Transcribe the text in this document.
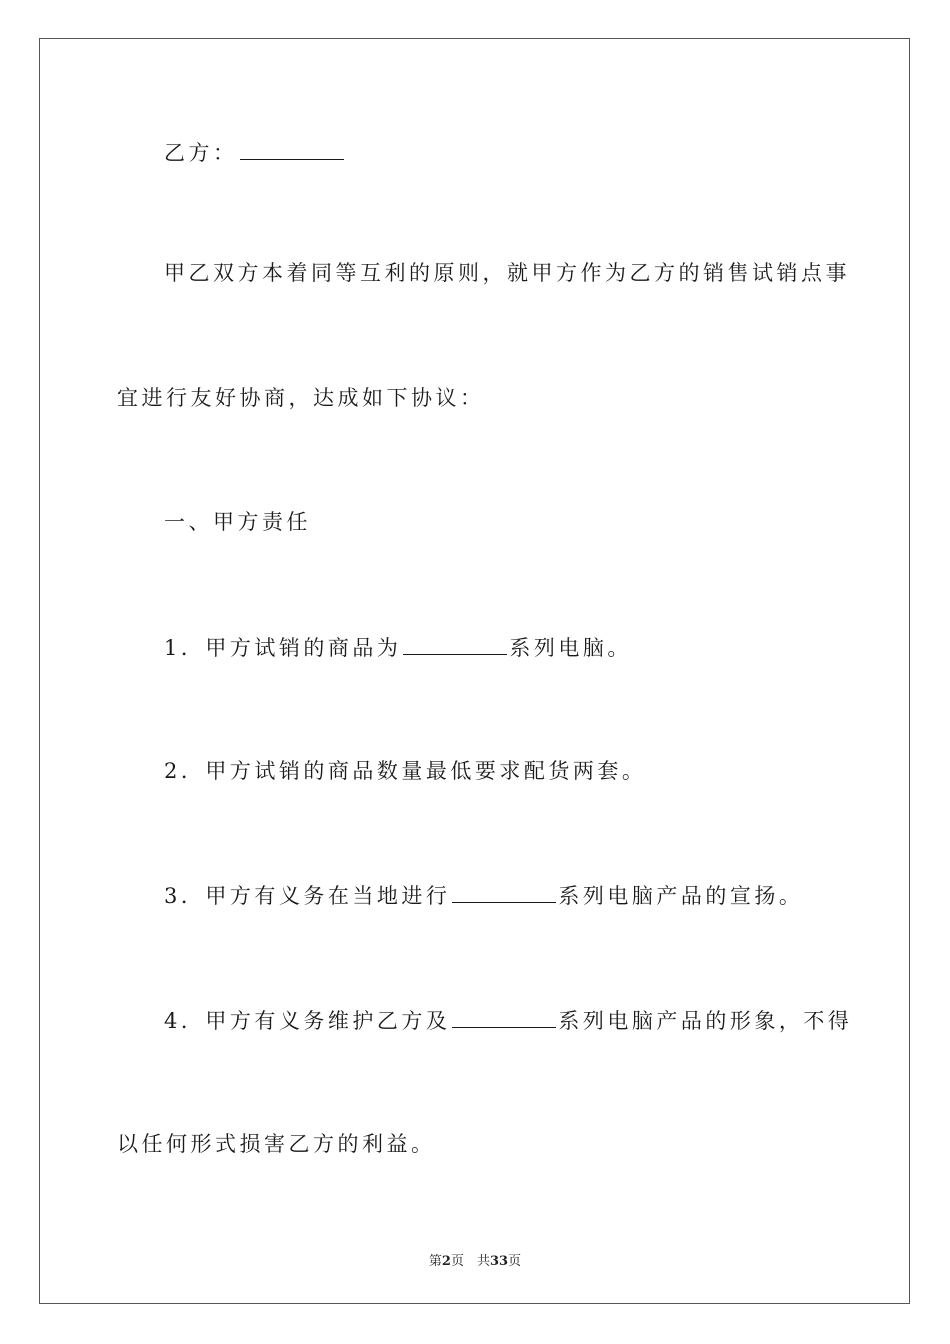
乙方：
甲乙双方本着同等互利的原则，就甲方作为乙方的销售试销点事
宜进行友好协商，达成如下协议：
一、甲方责任
1．甲方试销的商品为	系列电脑。
2．甲方试销的商品数量最低要求配货两套。
3．甲方有义务在当地进行	系列电脑产品的宣扬。
4．甲方有义务维护乙方及	系列电脑产品的形象，不得
以任何形式损害乙方的利益。
第2页　共33页
